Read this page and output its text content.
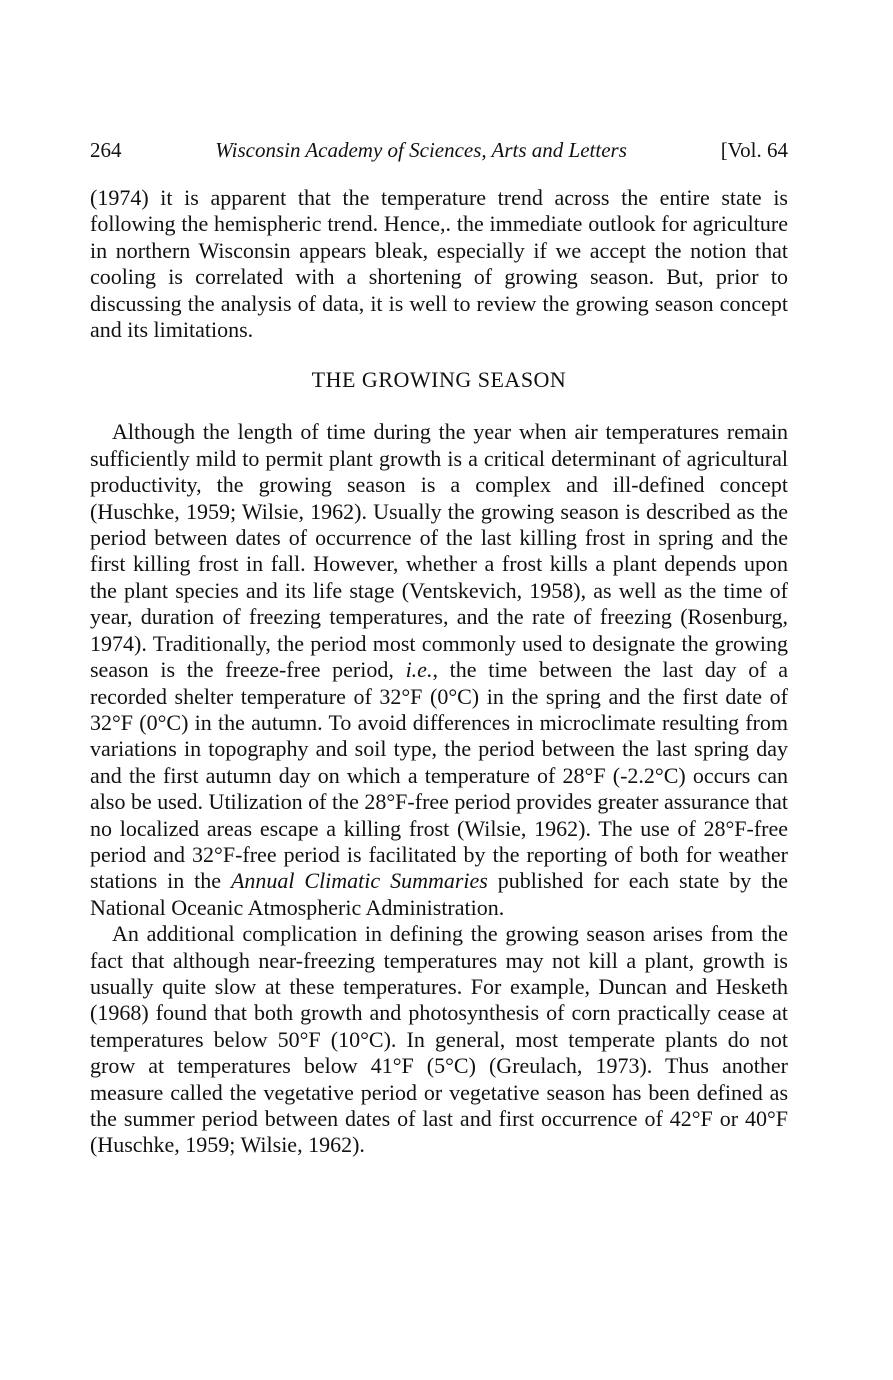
264	Wisconsin Academy of Sciences, Arts and Letters	[Vol. 64

(1974) it is apparent that the temperature trend across the entire state is following the hemispheric trend. Hence,. the immediate outlook for agriculture in northern Wisconsin appears bleak, especially if we accept the notion that cooling is correlated with a shortening of growing season. But, prior to discussing the analysis of data, it is well to review the growing season concept and its limitations.

THE GROWING SEASON

Although the length of time during the year when air temperatures remain sufficiently mild to permit plant growth is a critical determinant of agricultural productivity, the growing season is a complex and ill-defined concept (Huschke, 1959; Wilsie, 1962). Usually the growing season is described as the period between dates of occurrence of the last killing frost in spring and the first killing frost in fall. However, whether a frost kills a plant depends upon the plant species and its life stage (Ventskevich, 1958), as well as the time of year, duration of freezing temperatures, and the rate of freezing (Rosenburg, 1974). Traditionally, the period most commonly used to designate the growing season is the freeze-free period, i.e., the time between the last day of a recorded shelter temperature of 32°F (0°C) in the spring and the first date of 32°F (0°C) in the autumn. To avoid differences in microclimate resulting from variations in topography and soil type, the period between the last spring day and the first autumn day on which a temperature of 28°F (-2.2°C) occurs can also be used. Utilization of the 28°F-free period provides greater assurance that no localized areas escape a killing frost (Wilsie, 1962). The use of 28°F-free period and 32°F-free period is facilitated by the reporting of both for weather stations in the Annual Climatic Summaries published for each state by the National Oceanic Atmospheric Administration.

An additional complication in defining the growing season arises from the fact that although near-freezing temperatures may not kill a plant, growth is usually quite slow at these temperatures. For example, Duncan and Hesketh (1968) found that both growth and photosynthesis of corn practically cease at temperatures below 50°F (10°C). In general, most temperate plants do not grow at temperatures below 41°F (5°C) (Greulach, 1973). Thus another measure called the vegetative period or vegetative season has been defined as the summer period between dates of last and first occurrence of 42°F or 40°F (Huschke, 1959; Wilsie, 1962).
